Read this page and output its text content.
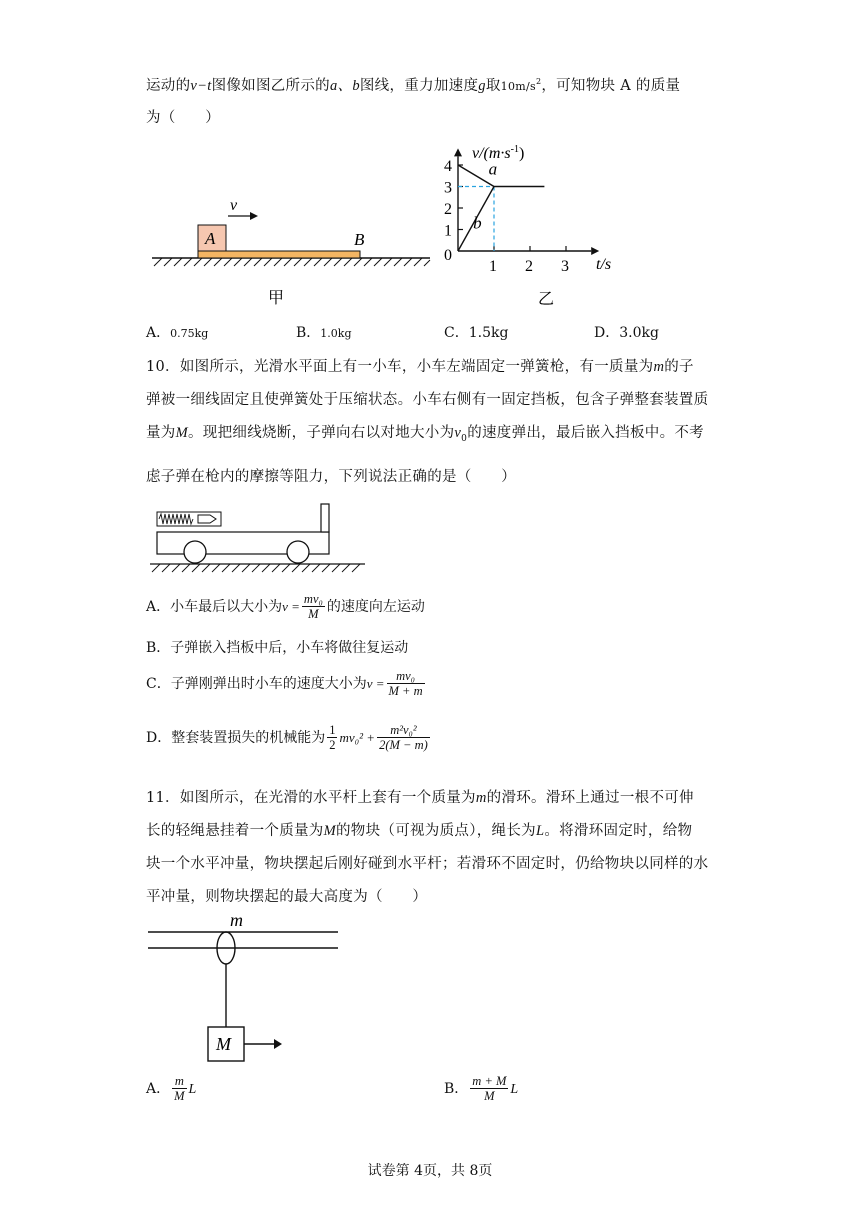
运动的v−t图像如图乙所示的a、b图线，重力加速度g取$10m/s^2$，可知物块 A 的质量
为（　　）
A	B
v
甲
$v/(m\cdot s^{-1})$
t/s
乙
0
1 2 3
1
2
3
4 a
b
A．0.75kg	B．1.0kg	C．1.5kg	D．3.0kg
10．如图所示，光滑水平面上有一小车，小车左端固定一弹簧枪，有一质量为m的子
弹被一细线固定且使弹簧处于压缩状态。小车右侧有一固定挡板，包含子弹整套装置质
量为M。现把细线烧断，子弹向右以对地大小为$v_0$的速度弹出，最后嵌入挡板中。不考
虑子弹在枪内的摩擦等阻力，下列说法正确的是（　　）
A．小车最后以大小为$v = \frac{\text{mv₀}}{M}$ 的速度向左运动
B．子弹嵌入挡板中后，小车将做往复运动
C．子弹刚弹出时小车的速度大小为$v = \frac{\text{mv₀}}{M + m}$
D．整套装置损失的机械能为 $\frac{1}{2} mv_0^2 + \frac{\text{m²v₀²}}{2(M - m)}$
11．如图所示，在光滑的水平杆上套有一个质量为m的滑环。滑环上通过一根不可伸
长的轻绳悬挂着一个质量为M的物块（可视为质点），绳长为L。将滑环固定时，给物
块一个水平冲量，物块摆起后刚好碰到水平杆；若滑环不固定时，仍给物块以同样的水
平冲量，则物块摆起的最大高度为（　　）
m
M
A． $\frac{m}{M}$ L	B． $\frac{m + M}{M}$ L
试卷第 4页，共 8页
